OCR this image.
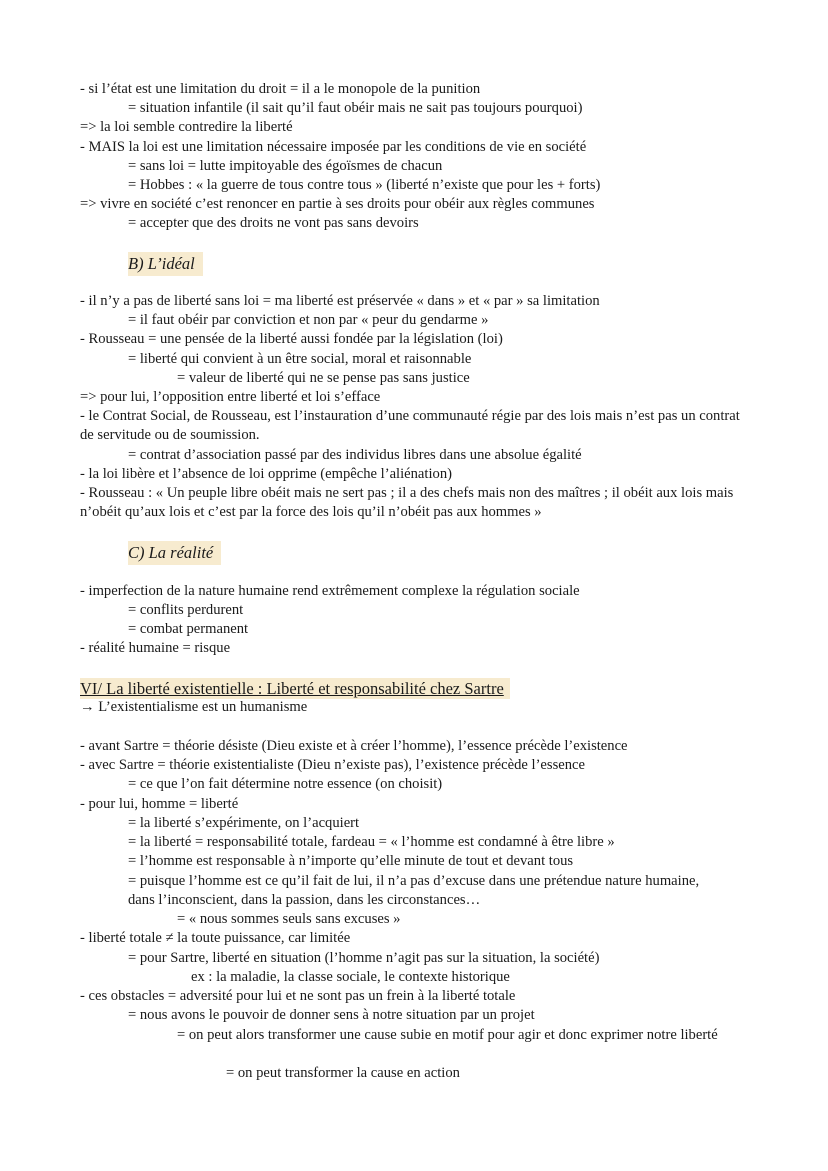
- si l’état est une limitation du droit = il a le monopole de la punition
= situation infantile (il sait qu’il faut obéir mais ne sait pas toujours pourquoi)
=> la loi semble contredire la liberté
- MAIS la loi est une limitation nécessaire imposée par les conditions de vie en société
= sans loi = lutte impitoyable des égoïsmes de chacun
= Hobbes : « la guerre de tous contre tous » (liberté n’existe que pour les + forts)
=> vivre en société c’est renoncer en partie à ses droits pour obéir aux règles communes
= accepter que des droits ne vont pas sans devoirs
B) L’idéal
- il n’y a pas de liberté sans loi = ma liberté est préservée « dans » et « par » sa limitation
= il faut obéir par conviction et non par « peur du gendarme »
- Rousseau = une pensée de la liberté aussi fondée par la législation (loi)
= liberté qui convient à un être social, moral et raisonnable
= valeur de liberté qui ne se pense pas sans justice
=> pour lui, l’opposition entre liberté et loi s’efface
- le Contrat Social, de Rousseau, est l’instauration d’une communauté régie par des lois mais n’est pas un contrat de servitude ou de soumission.
= contrat d’association passé par des individus libres dans une absolue égalité
- la loi libère et l’absence de loi opprime (empêche l’aliénation)
- Rousseau : « Un peuple libre obéit mais ne sert pas ; il a des chefs mais non des maîtres ; il obéit aux lois mais n’obéit qu’aux lois et c’est par la force des lois qu’il n’obéit pas aux hommes »
C) La réalité
- imperfection de la nature humaine rend extrêmement complexe la régulation sociale
= conflits perdurent
= combat permanent
- réalité humaine = risque
VI/ La liberté existentielle : Liberté et responsabilité chez Sartre
→ L’existentialisme est un humanisme
- avant Sartre = théorie désiste (Dieu existe et à créer l’homme), l’essence précède l’existence
- avec Sartre = théorie existentialiste (Dieu n’existe pas), l’existence précède l’essence
= ce que l’on fait détermine notre essence (on choisit)
- pour lui, homme = liberté
= la liberté s’expérimente, on l’acquiert
= la liberté = responsabilité totale, fardeau = « l’homme est condamné à être libre »
= l’homme est responsable à n’importe qu’elle minute de tout et devant tous
= puisque l’homme est ce qu’il fait de lui, il n’a pas d’excuse dans une prétendue nature humaine, dans l’inconscient, dans la passion, dans les circonstances…
= « nous sommes seuls sans excuses »
- liberté totale ≠ la toute puissance, car limitée
= pour Sartre, liberté en situation (l’homme n’agit pas sur la situation, la société)
ex : la maladie, la classe sociale, le contexte historique
- ces obstacles = adversité pour lui et ne sont pas un frein à la liberté totale
= nous avons le pouvoir de donner sens à notre situation par un projet
= on peut alors transformer une cause subie en motif pour agir et donc exprimer notre liberté
= on peut transformer la cause en action
